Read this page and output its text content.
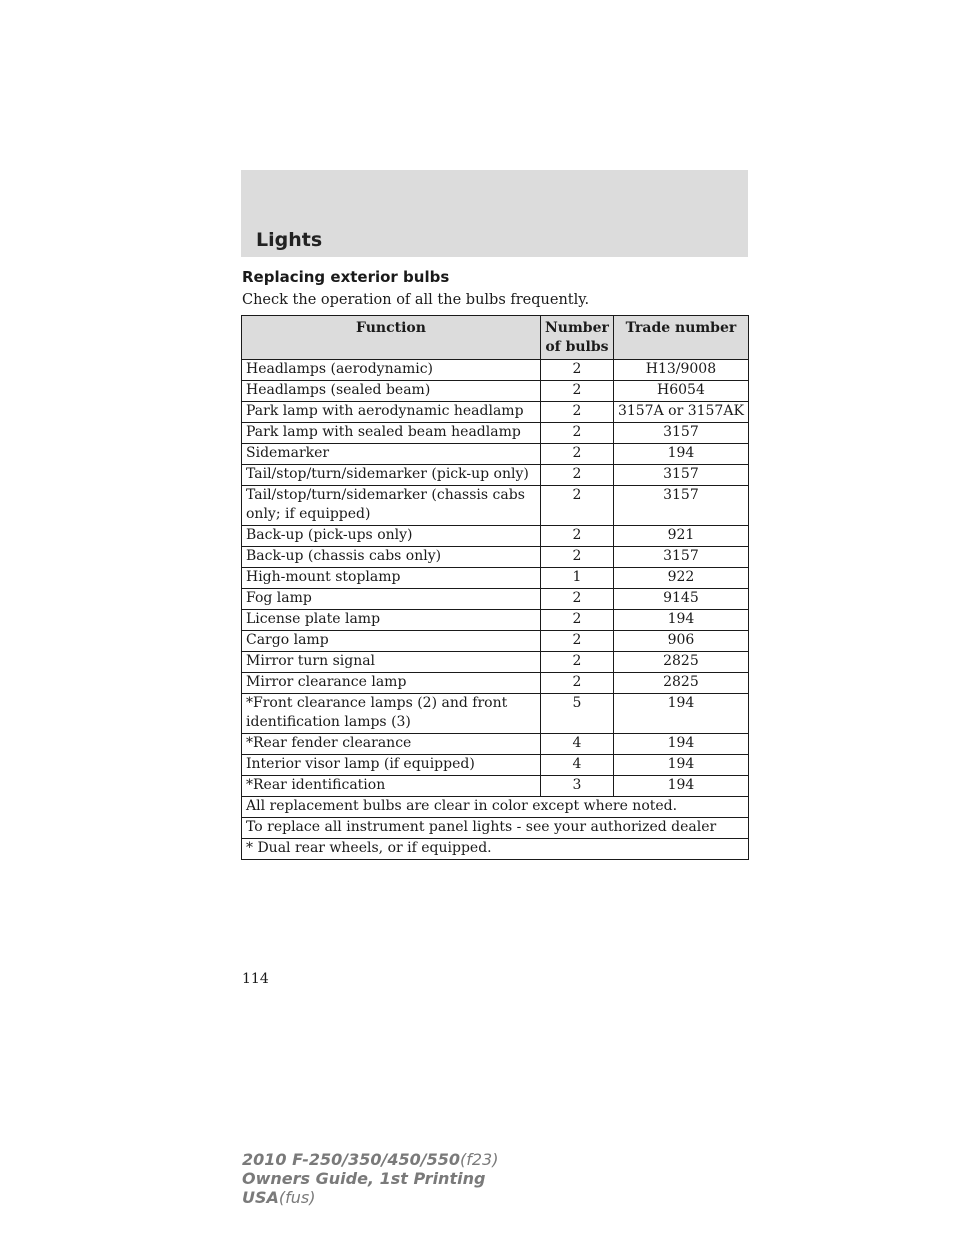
Lights
Replacing exterior bulbs
Check the operation of all the bulbs frequently.
Function	Number of bulbs	Trade number
Headlamps (aerodynamic)	2	H13/9008
Headlamps (sealed beam)	2	H6054
Park lamp with aerodynamic headlamp	2	3157A or 3157AK
Park lamp with sealed beam headlamp	2	3157
Sidemarker	2	194
Tail/stop/turn/sidemarker (pick-up only)	2	3157
Tail/stop/turn/sidemarker (chassis cabs only; if equipped)	2	3157
Back-up (pick-ups only)	2	921
Back-up (chassis cabs only)	2	3157
High-mount stoplamp	1	922
Fog lamp	2	9145
License plate lamp	2	194
Cargo lamp	2	906
Mirror turn signal	2	2825
Mirror clearance lamp	2	2825
*Front clearance lamps (2) and front identification lamps (3)	5	194
*Rear fender clearance	4	194
Interior visor lamp (if equipped)	4	194
*Rear identification	3	194
All replacement bulbs are clear in color except where noted.		
To replace all instrument panel lights - see your authorized dealer		
* Dual rear wheels, or if equipped.		
114
2010 F-250/350/450/550(f23)
Owners Guide, 1st Printing
USA(fus)
